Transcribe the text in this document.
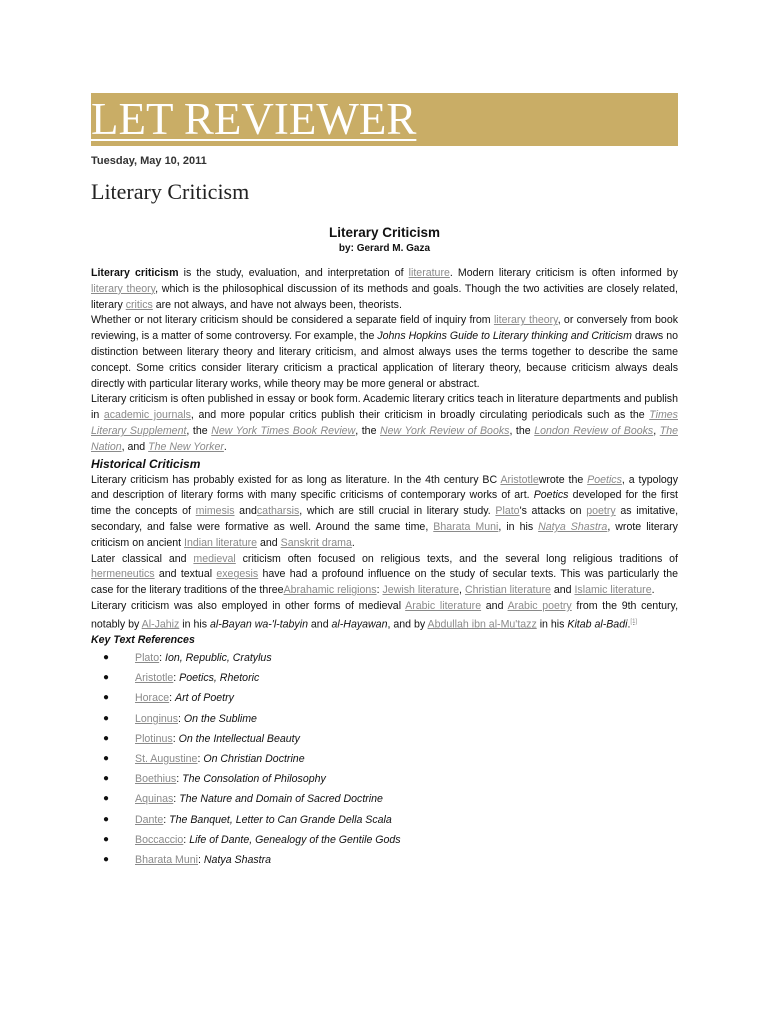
LET REVIEWER
Tuesday, May 10, 2011
Literary Criticism

Literary Criticism

by: Gerard M. Gaza

Literary criticism is the study, evaluation, and interpretation of literature. Modern literary criticism is often informed by literary theory, which is the philosophical discussion of its methods and goals. Though the two activities are closely related, literary critics are not always, and have not always been, theorists.

Whether or not literary criticism should be considered a separate field of inquiry from literary theory, or conversely from book reviewing, is a matter of some controversy. For example, the Johns Hopkins Guide to Literary thinking and Criticism draws no distinction between literary theory and literary criticism, and almost always uses the terms together to describe the same concept. Some critics consider literary criticism a practical application of literary theory, because criticism always deals directly with particular literary works, while theory may be more general or abstract.

Literary criticism is often published in essay or book form. Academic literary critics teach in literature departments and publish in academic journals, and more popular critics publish their criticism in broadly circulating periodicals such as the Times Literary Supplement, the New York Times Book Review, the New York Review of Books, the London Review of Books, The Nation, and The New Yorker.

Historical Criticism

Literary criticism has probably existed for as long as literature. In the 4th century BC Aristotlewrote the Poetics, a typology and description of literary forms with many specific criticisms of contemporary works of art. Poetics developed for the first time the concepts of mimesis andcatharsis, which are still crucial in literary study. Plato's attacks on poetry as imitative, secondary, and false were formative as well. Around the same time, Bharata Muni, in his Natya Shastra, wrote literary criticism on ancient Indian literature and Sanskrit drama.

Later classical and medieval criticism often focused on religious texts, and the several long religious traditions of hermeneutics and textual exegesis have had a profound influence on the study of secular texts. This was particularly the case for the literary traditions of the threeAbrahamic religions: Jewish literature, Christian literature and Islamic literature.

Literary criticism was also employed in other forms of medieval Arabic literature and Arabic poetry from the 9th century, notably by Al-Jahiz in his al-Bayan wa-'l-tabyin and al-Hayawan, and by Abdullah ibn al-Mu'tazz in his Kitab al-Badi.[1]

Key Text References

● Plato: Ion, Republic, Cratylus
● Aristotle: Poetics, Rhetoric
● Horace: Art of Poetry
● Longinus: On the Sublime
● Plotinus: On the Intellectual Beauty
● St. Augustine: On Christian Doctrine
● Boethius: The Consolation of Philosophy
● Aquinas: The Nature and Domain of Sacred Doctrine
● Dante: The Banquet, Letter to Can Grande Della Scala
● Boccaccio: Life of Dante, Genealogy of the Gentile Gods
● Bharata Muni: Natya Shastra
